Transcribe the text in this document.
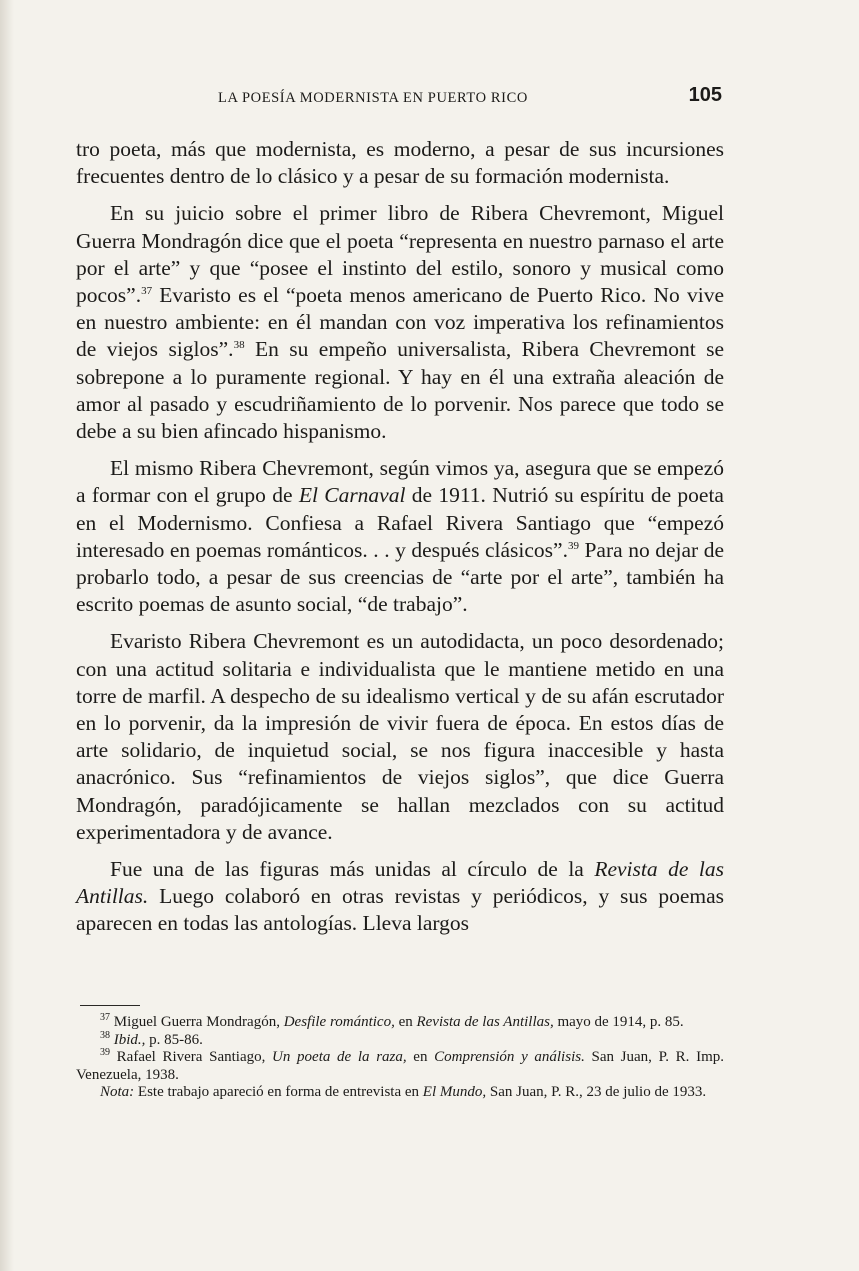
LA POESÍA MODERNISTA EN PUERTO RICO	105

tro poeta, más que modernista, es moderno, a pesar de sus incursiones frecuentes dentro de lo clásico y a pesar de su formación modernista.

En su juicio sobre el primer libro de Ribera Chevremont, Miguel Guerra Mondragón dice que el poeta “representa en nuestro parnaso el arte por el arte” y que “posee el instinto del estilo, sonoro y musical como pocos”.$^{37}$ Evaristo es el “poeta menos americano de Puerto Rico. No vive en nuestro ambiente: en él mandan con voz imperativa los refinamientos de viejos siglos”.$^{38}$ En su empeño universalista, Ribera Chevremont se sobrepone a lo puramente regional. Y hay en él una extraña aleación de amor al pasado y escudriñamiento de lo porvenir. Nos parece que todo se debe a su bien afincado hispanismo.

El mismo Ribera Chevremont, según vimos ya, asegura que se empezó a formar con el grupo de El Carnaval de 1911. Nutrió su espíritu de poeta en el Modernismo. Confiesa a Rafael Rivera Santiago que “empezó interesado en poemas románticos. . . y después clásicos”.$^{39}$ Para no dejar de probarlo todo, a pesar de sus creencias de “arte por el arte”, también ha escrito poemas de asunto social, “de trabajo”.

Evaristo Ribera Chevremont es un autodidacta, un poco desordenado; con una actitud solitaria e individualista que le mantiene metido en una torre de marfil. A despecho de su idealismo vertical y de su afán escrutador en lo porvenir, da la impresión de vivir fuera de época. En estos días de arte solidario, de inquietud social, se nos figura inaccesible y hasta anacrónico. Sus “refinamientos de viejos siglos”, que dice Guerra Mondragón, paradójicamente se hallan mezclados con su actitud experimentadora y de avance.

Fue una de las figuras más unidas al círculo de la Revista de las Antillas. Luego colaboró en otras revistas y periódicos, y sus poemas aparecen en todas las antologías. Lleva largos

$^{37}$ Miguel Guerra Mondragón, Desfile romántico, en Revista de las Antillas, mayo de 1914, p. 85.

$^{38}$ Ibid., p. 85-86.

$^{39}$ Rafael Rivera Santiago, Un poeta de la raza, en Comprensión y análisis. San Juan, P. R. Imp. Venezuela, 1938.

Nota: Este trabajo apareció en forma de entrevista en El Mundo, San Juan, P. R., 23 de julio de 1933.
